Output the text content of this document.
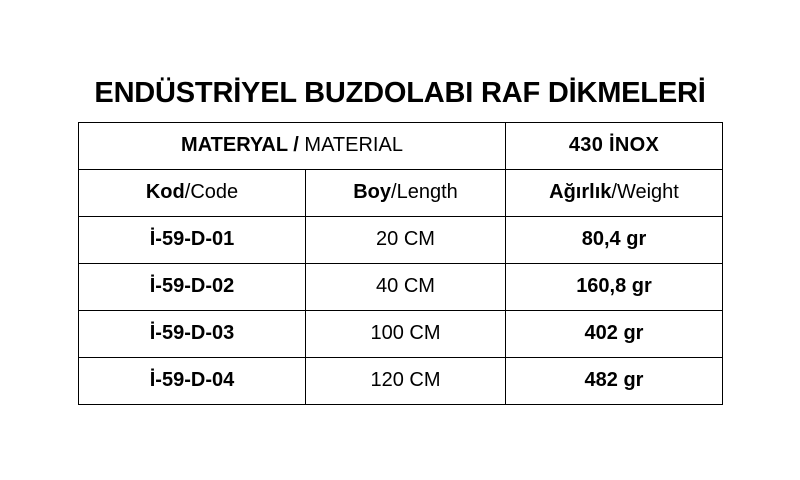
ENDÜSTRİYEL BUZDOLABI RAF DİKMELERİ
MATERYAL / MATERIAL		430 İNOX
Kod/Code	Boy/Length	Ağırlık/Weight
İ-59-D-01	20 CM	80,4 gr
İ-59-D-02	40 CM	160,8 gr
İ-59-D-03	100 CM	402 gr
İ-59-D-04	120 CM	482 gr
